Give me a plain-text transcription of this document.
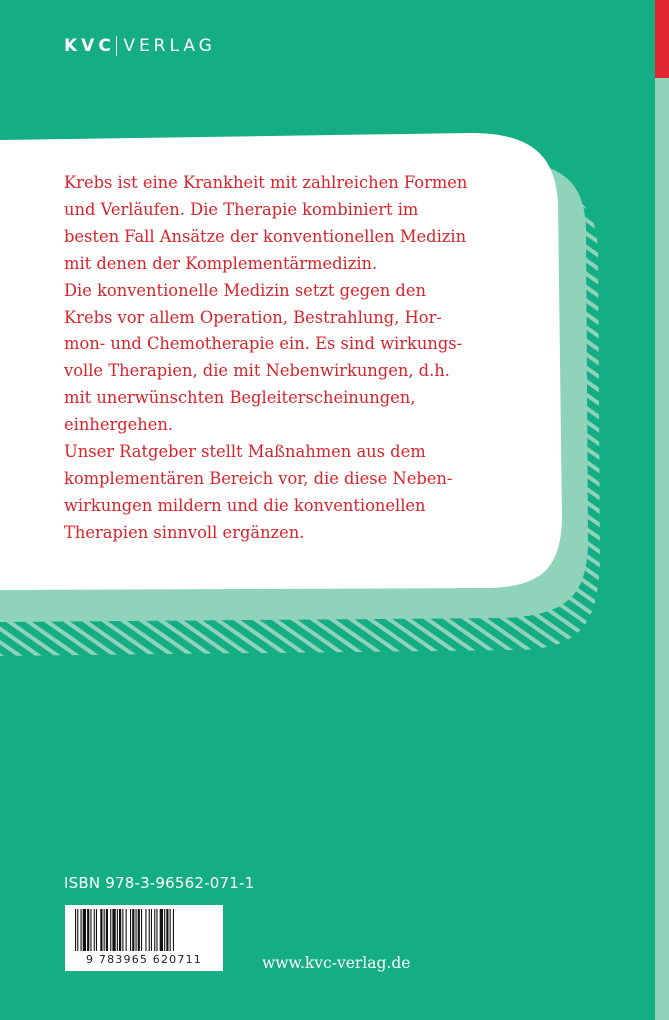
KVC VERLAG

Krebs ist eine Krankheit mit zahlreichen Formen
und Verläufen. Die Therapie kombiniert im
besten Fall Ansätze der konventionellen Medizin
mit denen der Komplementärmedizin.
Die konventionelle Medizin setzt gegen den
Krebs vor allem Operation, Bestrahlung, Hor-
mon- und Chemotherapie ein. Es sind wirkungs-
volle Therapien, die mit Nebenwirkungen, d.h.
mit unerwünschten Begleiterscheinungen,
einhergehen.
Unser Ratgeber stellt Maßnahmen aus dem
komplementären Bereich vor, die diese Neben-
wirkungen mildern und die konventionellen
Therapien sinnvoll ergänzen.

ISBN 978-3-96562-071-1
9 783965 620711	www.kvc-verlag.de
